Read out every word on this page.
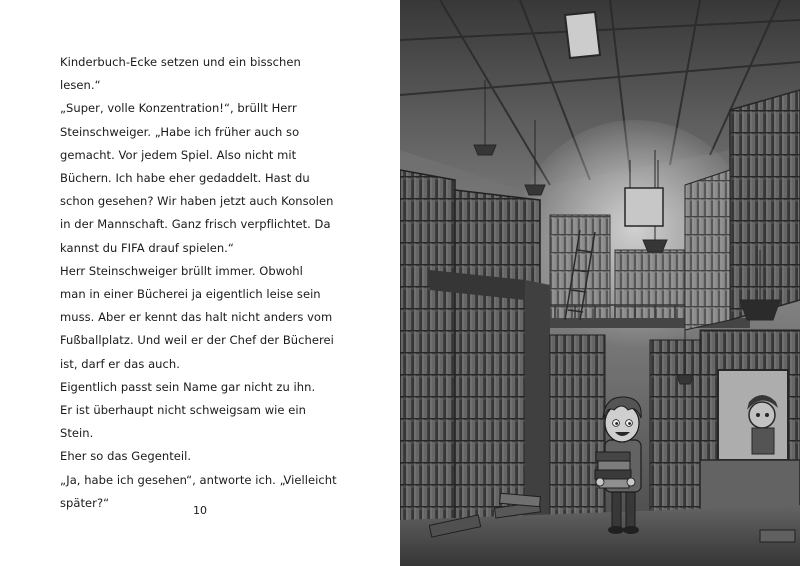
Kinderbuch-Ecke setzen und ein bisschen
lesen.“
„Super, volle Konzentration!“, brüllt Herr
Steinschweiger. „Habe ich früher auch so
gemacht. Vor jedem Spiel. Also nicht mit
Büchern. Ich habe eher gedaddelt. Hast du
schon gesehen? Wir haben jetzt auch Konsolen
in der Mannschaft. Ganz frisch verpflichtet. Da
kannst du FIFA drauf spielen.“
Herr Steinschweiger brüllt immer. Obwohl
man in einer Bücherei ja eigentlich leise sein
muss. Aber er kennt das halt nicht anders vom
Fußballplatz. Und weil er der Chef der Bücherei
ist, darf er das auch.
Eigentlich passt sein Name gar nicht zu ihn.
Er ist überhaupt nicht schweigsam wie ein
Stein.
Eher so das Gegenteil.
„Ja, habe ich gesehen“, antworte ich. „Vielleicht
später?“
10
